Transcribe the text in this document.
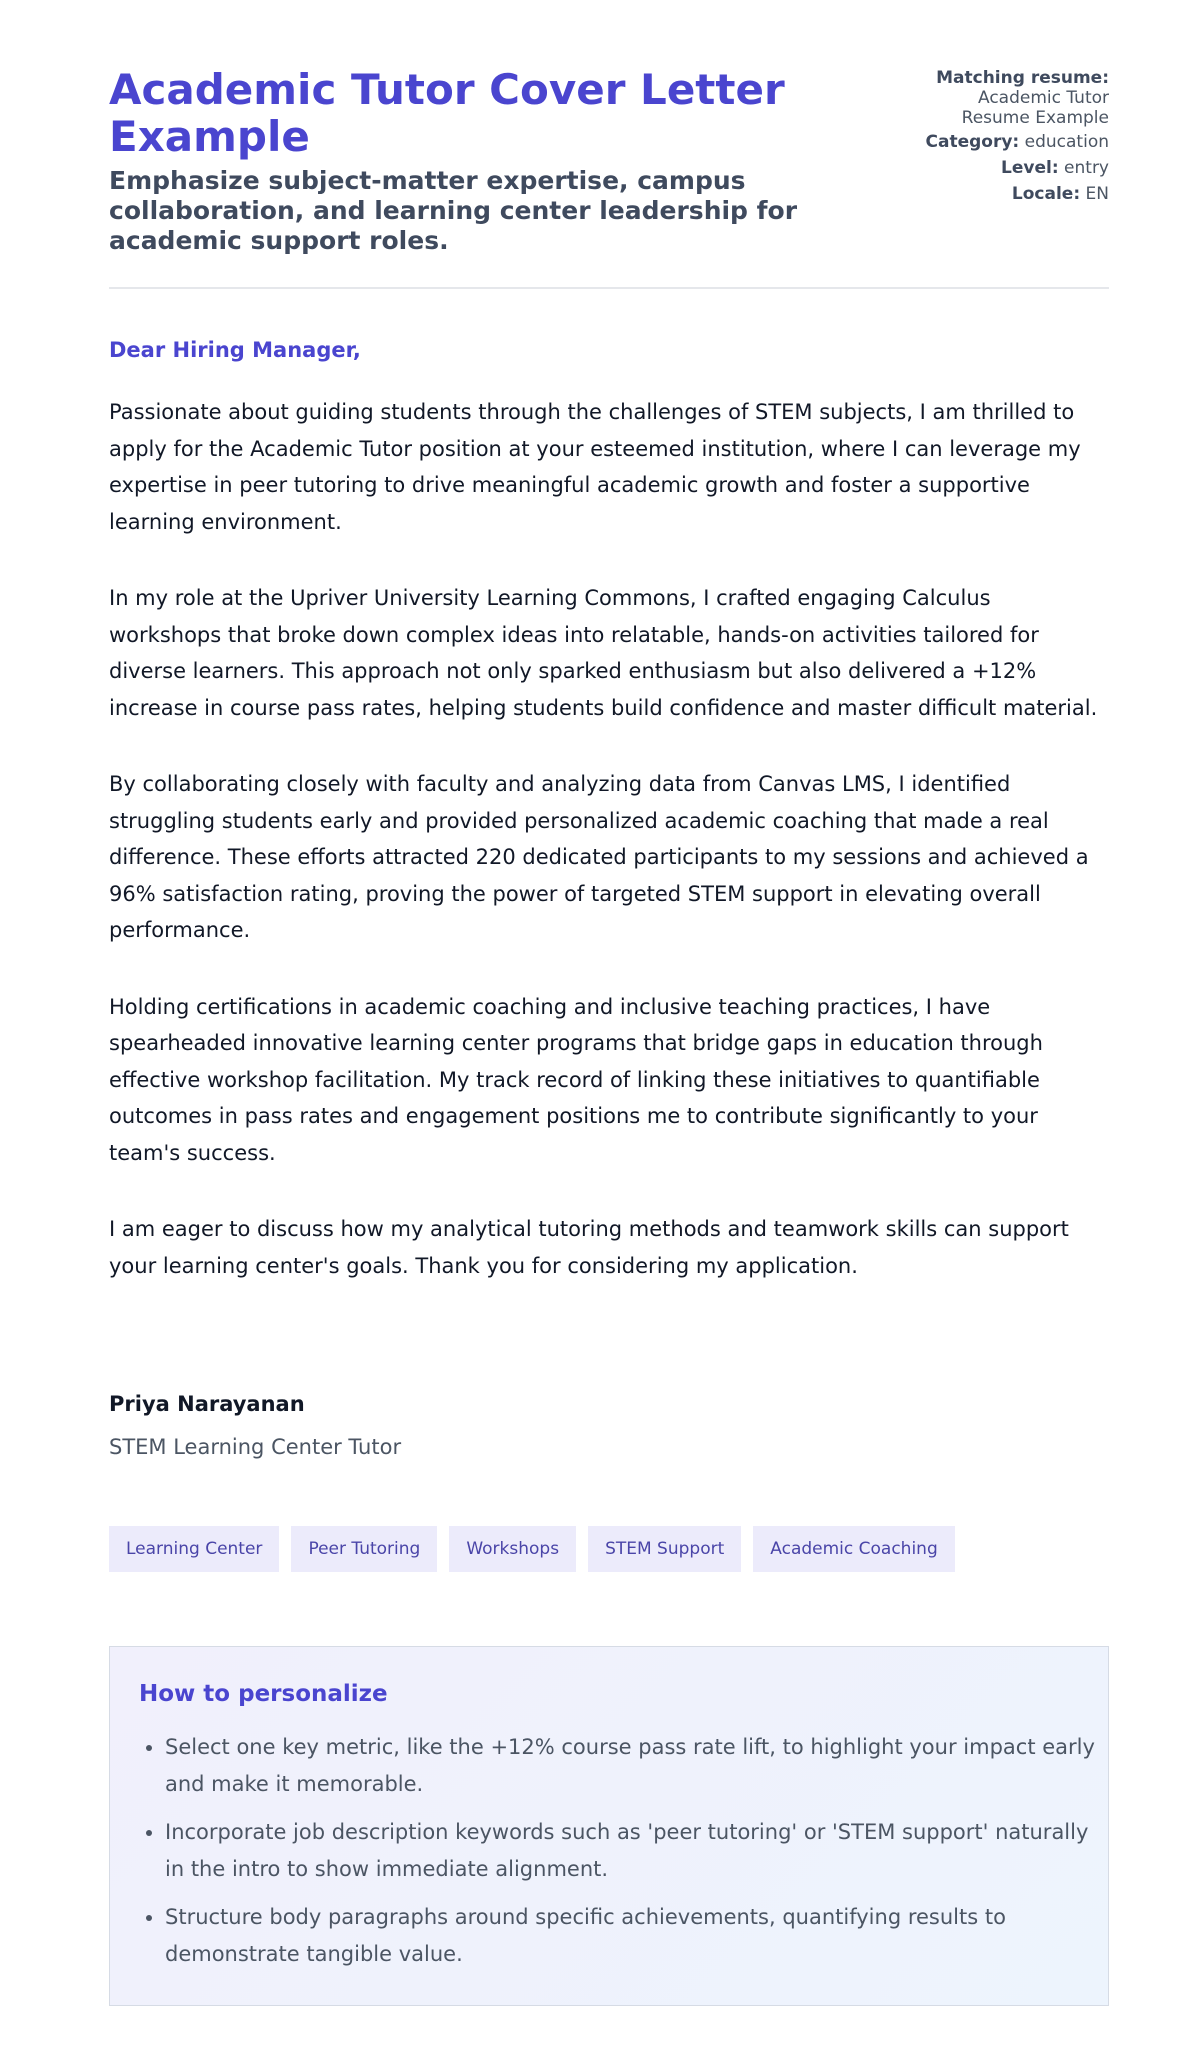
Academic Tutor Cover Letter Example

Emphasize subject-matter expertise, campus collaboration, and learning center leadership for academic support roles.

Matching resume:
Academic Tutor Resume Example
Category: education
Level: entry
Locale: EN

Dear Hiring Manager,

Passionate about guiding students through the challenges of STEM subjects, I am thrilled to apply for the Academic Tutor position at your esteemed institution, where I can leverage my expertise in peer tutoring to drive meaningful academic growth and foster a supportive learning environment.

In my role at the Upriver University Learning Commons, I crafted engaging Calculus workshops that broke down complex ideas into relatable, hands-on activities tailored for diverse learners. This approach not only sparked enthusiasm but also delivered a +12% increase in course pass rates, helping students build confidence and master difficult material.

By collaborating closely with faculty and analyzing data from Canvas LMS, I identified struggling students early and provided personalized academic coaching that made a real difference. These efforts attracted 220 dedicated participants to my sessions and achieved a 96% satisfaction rating, proving the power of targeted STEM support in elevating overall performance.

Holding certifications in academic coaching and inclusive teaching practices, I have spearheaded innovative learning center programs that bridge gaps in education through effective workshop facilitation. My track record of linking these initiatives to quantifiable outcomes in pass rates and engagement positions me to contribute significantly to your team's success.

I am eager to discuss how my analytical tutoring methods and teamwork skills can support your learning center's goals. Thank you for considering my application.

Priya Narayanan
STEM Learning Center Tutor
Learning Center	Peer Tutoring	Workshops	STEM Support	Academic Coaching
How to personalize
• Select one key metric, like the +12% course pass rate lift, to highlight your impact early and make it memorable.
• Incorporate job description keywords such as 'peer tutoring' or 'STEM support' naturally in the intro to show immediate alignment.
• Structure body paragraphs around specific achievements, quantifying results to demonstrate tangible value.
